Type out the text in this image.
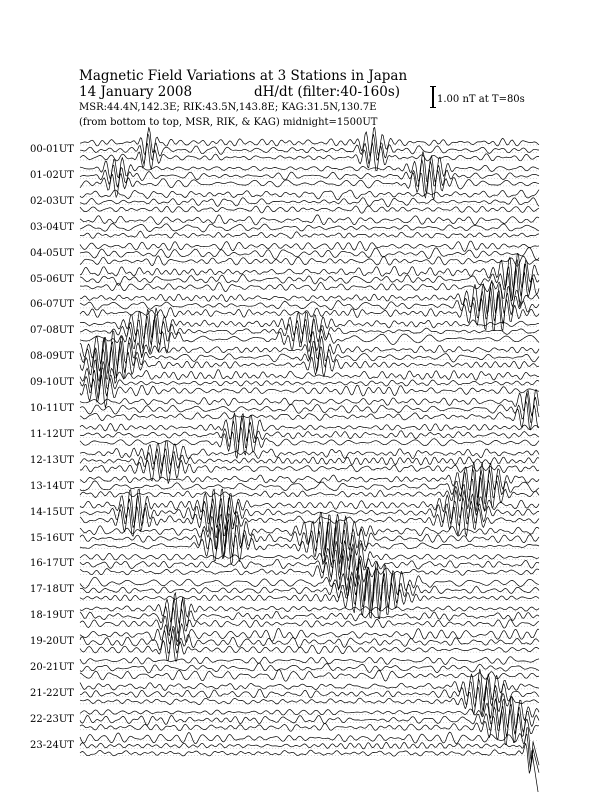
Magnetic Field Variations at 3 Stations in Japan
14 January 2008	dH/dt (filter:40-160s)
MSR:44.4N,142.3E; RIK:43.5N,143.8E; KAG:31.5N,130.7E
(from bottom to top, MSR, RIK, & KAG) midnight=1500UT
1.00 nT at T=80s
00-01UT
01-02UT
02-03UT
03-04UT
04-05UT
05-06UT
06-07UT
07-08UT
08-09UT
09-10UT
10-11UT
11-12UT
12-13UT
13-14UT
14-15UT
15-16UT
16-17UT
17-18UT
18-19UT
19-20UT
20-21UT
21-22UT
22-23UT
23-24UT
